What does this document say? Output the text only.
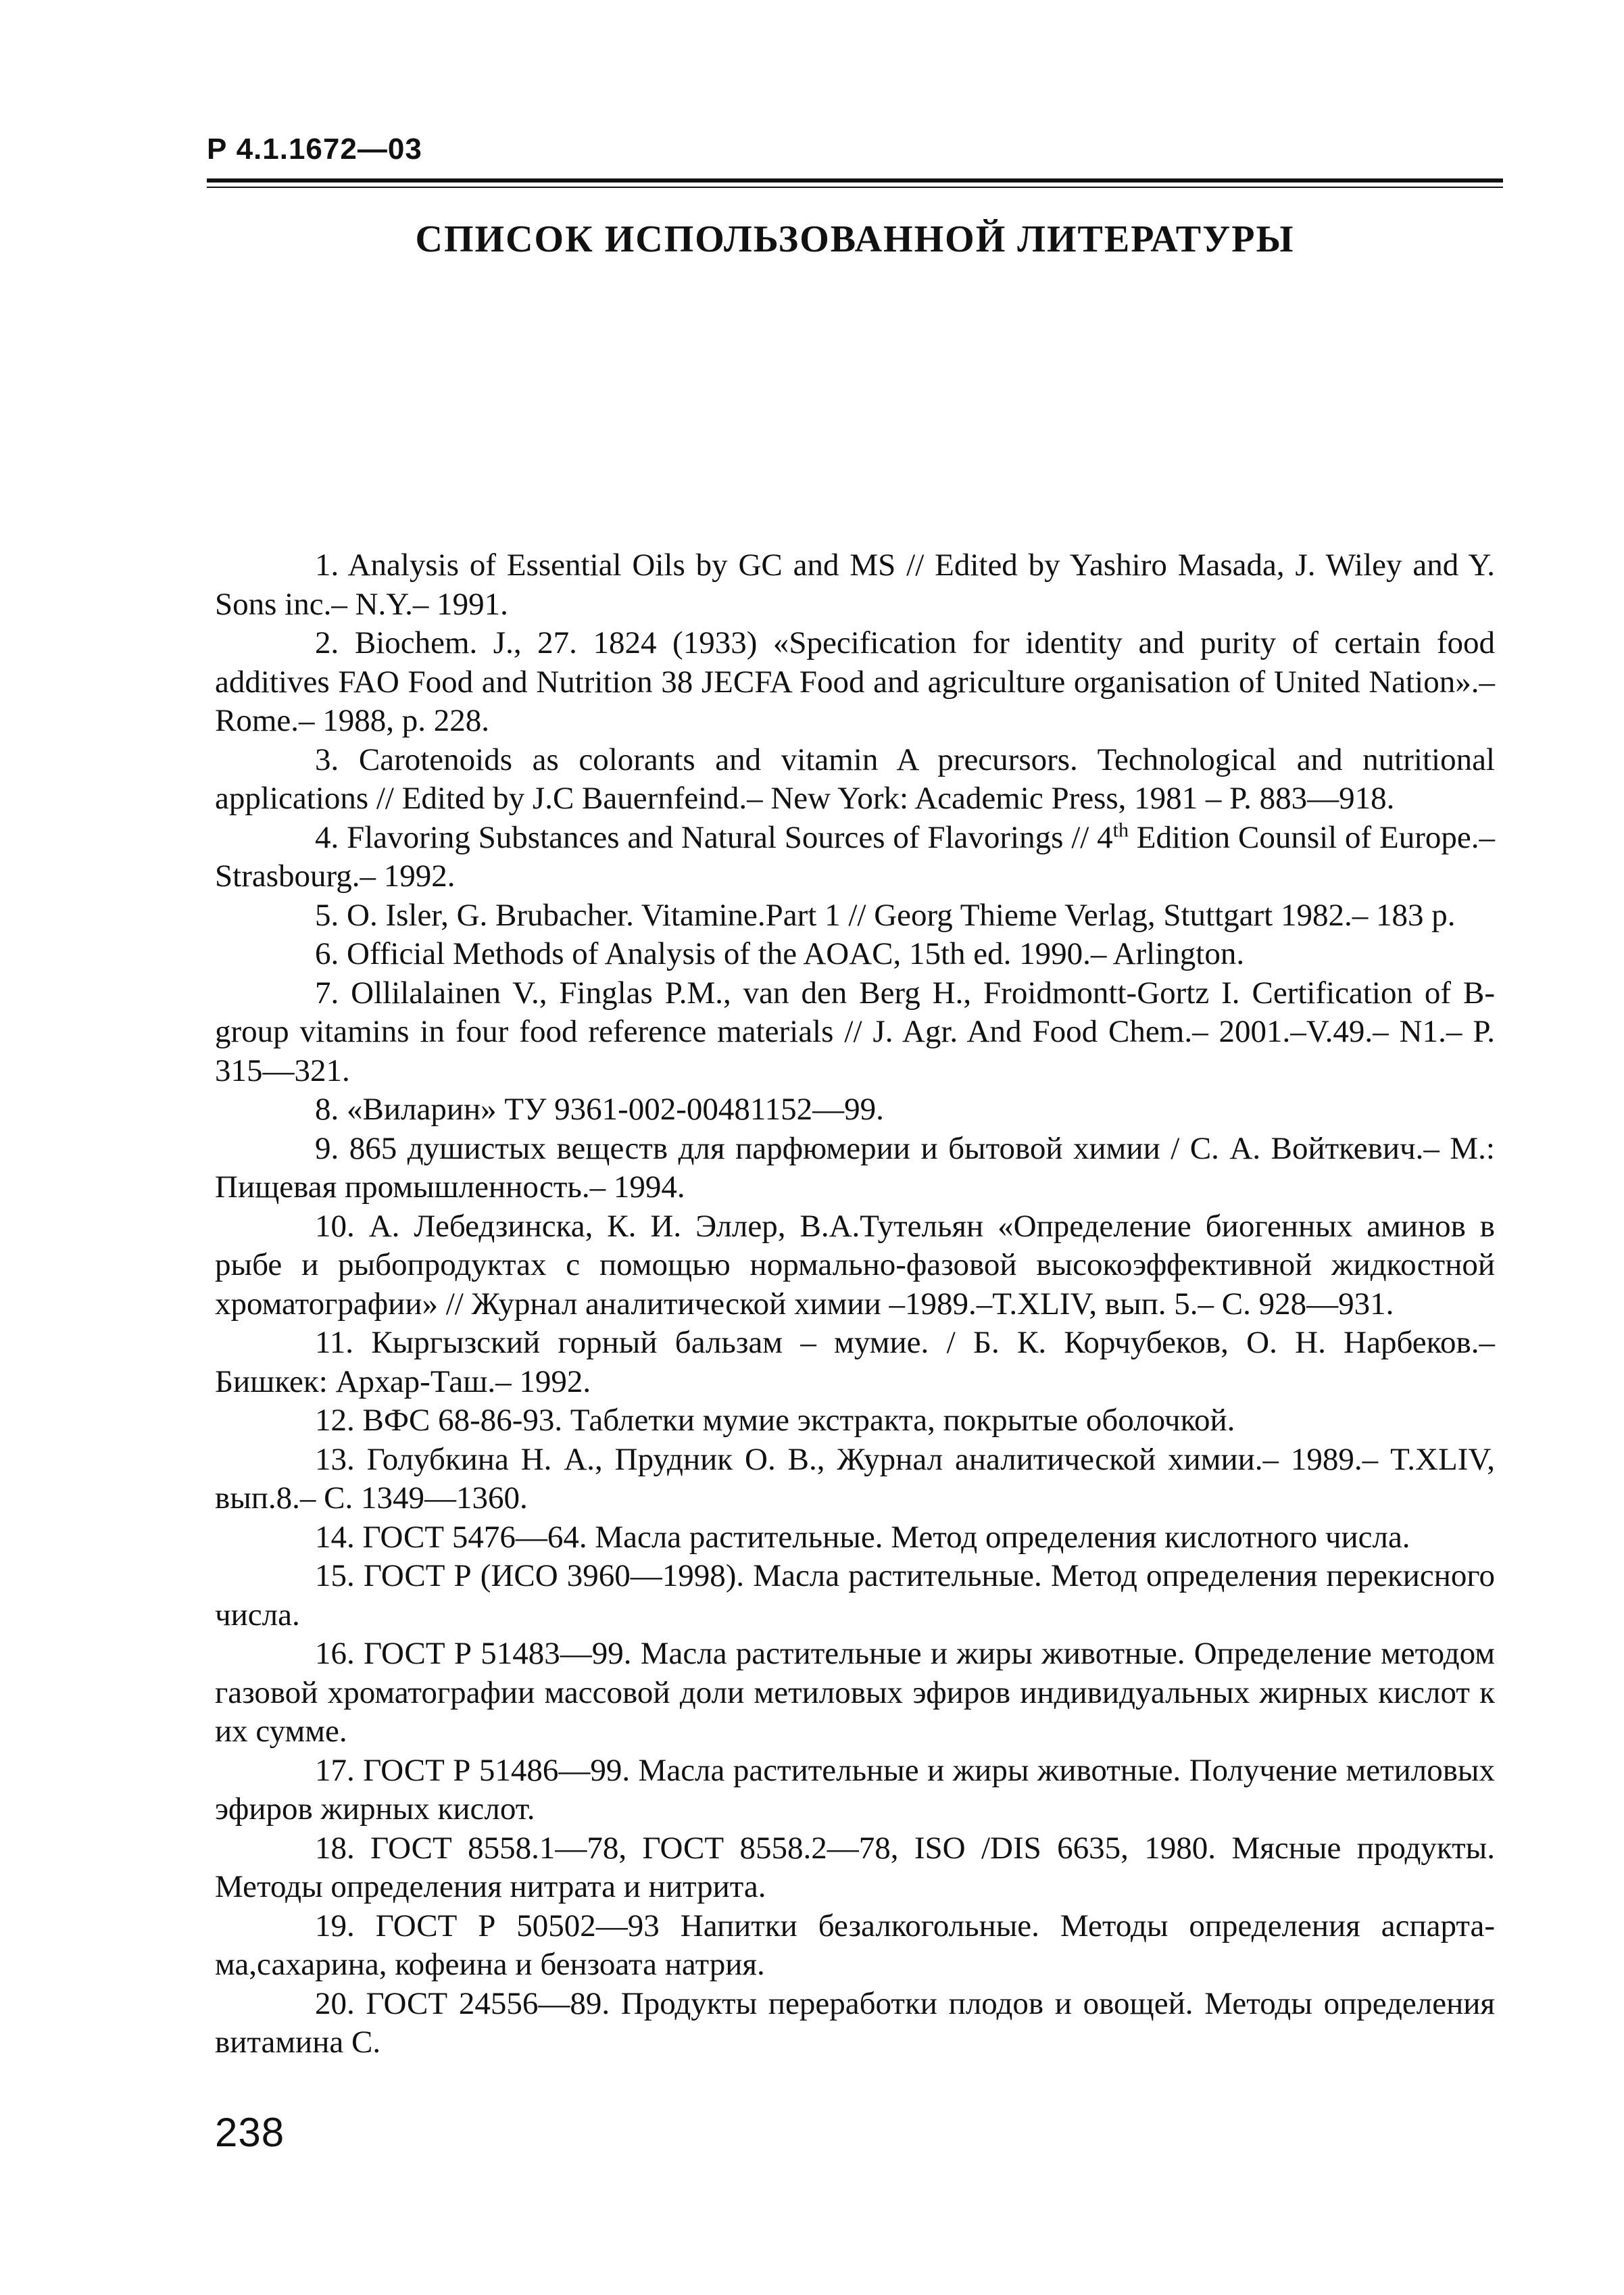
Р 4.1.1672—03
СПИСОК ИСПОЛЬЗОВАННОЙ ЛИТЕРАТУРЫ
1. Analysis of Essential Oils by GC and MS // Edited by Yashiro Masada, J. Wiley and Y. Sons inc.– N.Y.– 1991.
2. Biochem. J., 27. 1824 (1933) «Specification for identity and purity of certain food additives FAO Food and Nutrition 38 JECFA Food and agriculture organisation of United Nation».– Rome.– 1988, p. 228.
3. Carotenoids as colorants and vitamin A precursors. Technological and nutritional applications // Edited by J.C Bauernfeind.– New York: Academic Press, 1981 – P. 883—918.
4. Flavoring Substances and Natural Sources of Flavorings // 4th Edition Counsil of Europe.– Strasbourg.– 1992.
5. O. Isler, G. Brubacher. Vitamine.Part 1 // Georg Thieme Verlag, Stuttgart 1982.– 183 p.
6. Official Methods of Analysis of the AOAC, 15th ed. 1990.– Arlington.
7. Ollilalainen V., Finglas P.M., van den Berg H., Froidmontt-Gortz I. Certification of B-group vitamins in four food reference materials // J. Agr. And Food Chem.– 2001.–V.49.– N1.– P. 315—321.
8. «Виларин» ТУ 9361-002-00481152—99.
9. 865 душистых веществ для парфюмерии и бытовой химии / С. А. Войткевич.– М.: Пищевая промышленность.– 1994.
10. А. Лебедзинска, К. И. Эллер, В.А.Тутельян «Определение биогенных аминов в рыбе и рыбопродуктах с помощью нормально-фазовой высокоэффективной жидкостной хроматографии» // Журнал аналитической химии –1989.–T.XLIV, вып. 5.– С. 928—931.
11. Кыргызский горный бальзам – мумие. / Б. К. Корчубеков, О. Н. Нарбеков.– Бишкек: Архар-Таш.– 1992.
12. ВФС 68-86-93. Таблетки мумие экстракта, покрытые оболочкой.
13. Голубкина Н. А., Прудник О. В., Журнал аналитической химии.– 1989.– T.XLIV, вып.8.– С. 1349—1360.
14. ГОСТ 5476—64. Масла растительные. Метод определения кислотного числа.
15. ГОСТ Р (ИСО 3960—1998). Масла растительные. Метод определения перекисного числа.
16. ГОСТ Р 51483—99. Масла растительные и жиры животные. Определение методом газовой хроматографии массовой доли метиловых эфиров индивидуальных жирных кислот к их сумме.
17. ГОСТ Р 51486—99. Масла растительные и жиры животные. Получение метиловых эфиров жирных кислот.
18. ГОСТ 8558.1—78, ГОСТ 8558.2—78, ISO /DIS 6635, 1980. Мясные продукты. Методы определения нитрата и нитрита.
19. ГОСТ Р 50502—93 Напитки безалкогольные. Методы определения аспартама,сахарина, кофеина и бензоата натрия.
20. ГОСТ 24556—89. Продукты переработки плодов и овощей. Методы определения витамина С.
238
